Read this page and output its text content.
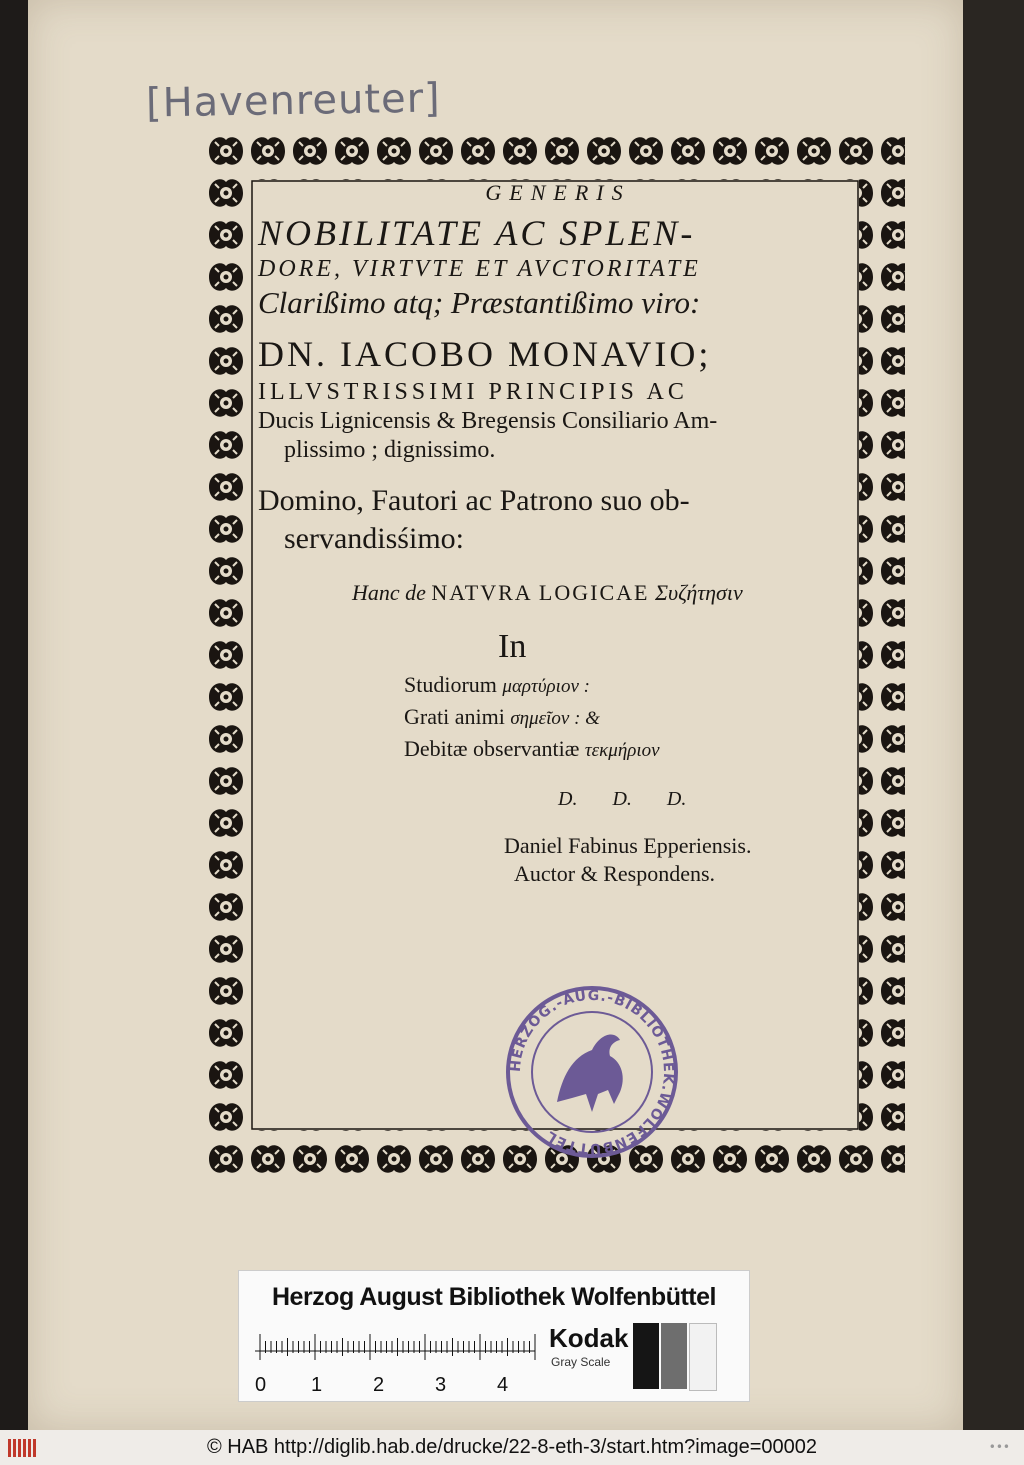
[Havenreuter]
GENERIS
NOBILITATE AC SPLEN-
DORE, VIRTVTE ET AVCTORITATE
Clarißimo atq; Præstantißimo viro:
DN. IACOBO MONAVIO;
ILLVSTRISSIMI PRINCIPIS AC
Ducis Lignicensis & Bregensis Consiliario Am-
plissimo ; dignissimo.
Domino, Fautori ac Patrono suo ob-
servandisśimo:
Hanc de NATVRA LOGICAE Συζήτησιν
In
Studiorum μαρτύριον :
Grati animi σημεῖον : &
Debitæ observantiæ τεκμήριον
D. D. D.
Daniel Fabinus Epperiensis.
Auctor & Respondens.
HERZOG.-AUG.-BIBLIOTHEK.WOLFENBÜTTEL
Herzog August Bibliothek Wolfenbüttel
0 1	2	3	4
Kodak
Gray Scale
© HAB http://diglib.hab.de/drucke/22-8-eth-3/start.htm?image=00002	•••
